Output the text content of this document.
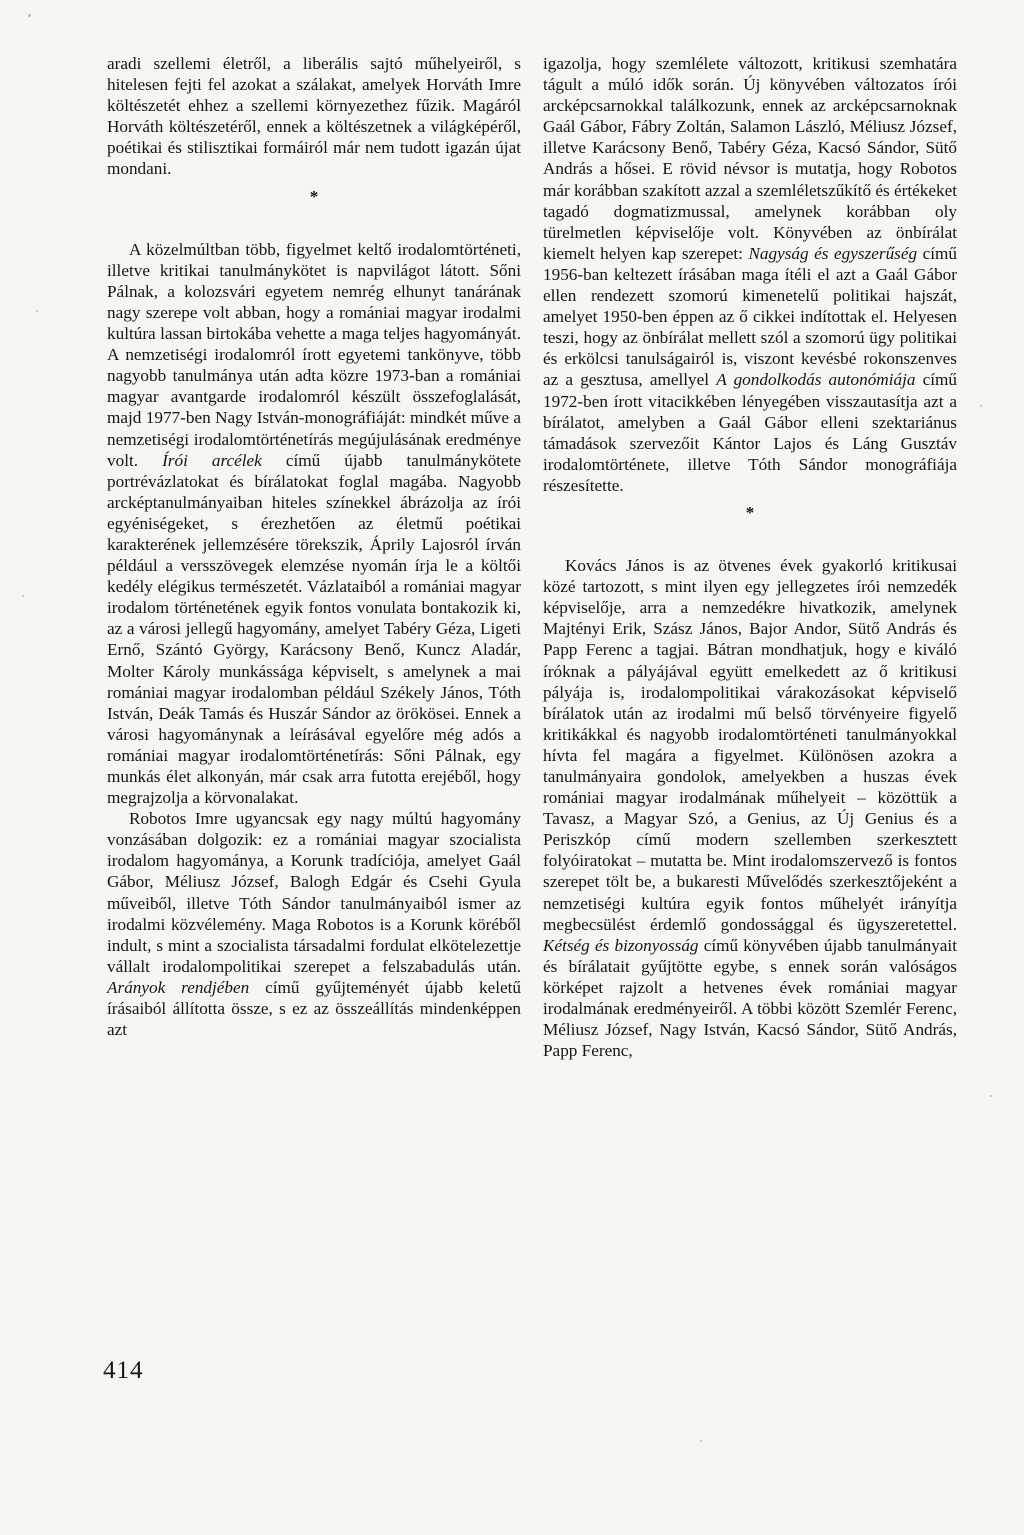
aradi szellemi életről, a liberális sajtó műhelyeiről, s hitelesen fejti fel azokat a szálakat, amelyek Horváth Imre költészetét ehhez a szellemi környezethez fűzik. Magáról Horváth költészetéről, ennek a költészetnek a világképéről, poétikai és stilisztikai formáiról már nem tudott igazán újat mondani.

*

A közelmúltban több, figyelmet keltő irodalomtörténeti, illetve kritikai tanulmánykötet is napvilágot látott. Sőni Pálnak, a kolozsvári egyetem nemrég elhunyt tanárának nagy szerepe volt abban, hogy a romániai magyar irodalmi kultúra lassan birtokába vehette a maga teljes hagyományát. A nemzetiségi irodalomról írott egyetemi tankönyve, több nagyobb tanulmánya után adta közre 1973-ban a romániai magyar avantgarde irodalomról készült összefoglalását, majd 1977-ben Nagy István-monográfiáját: mindkét műve a nemzetiségi irodalomtörténetírás megújulásának eredménye volt. Írói arcélek című újabb tanulmánykötete portrévázlatokat és bírálatokat foglal magába. Nagyobb arcképtanulmányaiban hiteles színekkel ábrázolja az írói egyéniségeket, s érezhetően az életmű poétikai karakterének jellemzésére törekszik, Áprily Lajosról írván például a versszövegek elemzése nyomán írja le a költői kedély elégikus természetét. Vázlataiból a romániai magyar irodalom történetének egyik fontos vonulata bontakozik ki, az a városi jellegű hagyomány, amelyet Tabéry Géza, Ligeti Ernő, Szántó György, Karácsony Benő, Kuncz Aladár, Molter Károly munkássága képviselt, s amelynek a mai romániai magyar irodalomban például Székely János, Tóth István, Deák Tamás és Huszár Sándor az örökösei. Ennek a városi hagyománynak a leírásával egyelőre még adós a romániai magyar irodalomtörténetírás: Sőni Pálnak, egy munkás élet alkonyán, már csak arra futotta erejéből, hogy megrajzolja a körvonalakat.

Robotos Imre ugyancsak egy nagy múltú hagyomány vonzásában dolgozik: ez a romániai magyar szocialista irodalom hagyománya, a Korunk tradíciója, amelyet Gaál Gábor, Méliusz József, Balogh Edgár és Csehi Gyula műveiből, illetve Tóth Sándor tanulmányaiból ismer az irodalmi közvélemény. Maga Robotos is a Korunk köréből indult, s mint a szocialista társadalmi fordulat elkötelezettje vállalt irodalompolitikai szerepet a felszabadulás után. Arányok rendjében című gyűjteményét újabb keletű írásaiból állította össze, s ez az összeállítás mindenképpen azt

igazolja, hogy szemlélete változott, kritikusi szemhatára tágult a múló idők során. Új könyvében változatos írói arcképcsarnokkal találkozunk, ennek az arcképcsarnoknak Gaál Gábor, Fábry Zoltán, Salamon László, Méliusz József, illetve Karácsony Benő, Tabéry Géza, Kacsó Sándor, Sütő András a hősei. E rövid névsor is mutatja, hogy Robotos már korábban szakított azzal a szemléletszűkítő és értékeket tagadó dogmatizmussal, amelynek korábban oly türelmetlen képviselője volt. Könyvében az önbírálat kiemelt helyen kap szerepet: Nagyság és egyszerűség című 1956-ban keltezett írásában maga ítéli el azt a Gaál Gábor ellen rendezett szomorú kimenetelű politikai hajszát, amelyet 1950-ben éppen az ő cikkei indítottak el. Helyesen teszi, hogy az önbírálat mellett szól a szomorú ügy politikai és erkölcsi tanulságairól is, viszont kevésbé rokonszenves az a gesztusa, amellyel A gondolkodás autonómiája című 1972-ben írott vitacikkében lényegében visszautasítja azt a bírálatot, amelyben a Gaál Gábor elleni szektariánus támadások szervezőit Kántor Lajos és Láng Gusztáv irodalomtörténete, illetve Tóth Sándor monográfiája részesítette.

*

Kovács János is az ötvenes évek gyakorló kritikusai közé tartozott, s mint ilyen egy jellegzetes írói nemzedék képviselője, arra a nemzedékre hivatkozik, amelynek Majtényi Erik, Szász János, Bajor Andor, Sütő András és Papp Ferenc a tagjai. Bátran mondhatjuk, hogy e kiváló íróknak a pályájával együtt emelkedett az ő kritikusi pályája is, irodalompolitikai várakozásokat képviselő bírálatok után az irodalmi mű belső törvényeire figyelő kritikákkal és nagyobb irodalomtörténeti tanulmányokkal hívta fel magára a figyelmet. Különösen azokra a tanulmányaira gondolok, amelyekben a huszas évek romániai magyar irodalmának műhelyeit – közöttük a Tavasz, a Magyar Szó, a Genius, az Új Genius és a Periszkóp című modern szellemben szerkesztett folyóiratokat – mutatta be. Mint irodalomszervező is fontos szerepet tölt be, a bukaresti Művelődés szerkesztőjeként a nemzetiségi kultúra egyik fontos műhelyét irányítja megbecsülést érdemlő gondossággal és ügyszeretettel. Kétség és bizonyosság című könyvében újabb tanulmányait és bírálatait gyűjtötte egybe, s ennek során valóságos körképet rajzolt a hetvenes évek romániai magyar irodalmának eredményeiről. A többi között Szemlér Ferenc, Méliusz József, Nagy István, Kacsó Sándor, Sütő András, Papp Ferenc,

414
